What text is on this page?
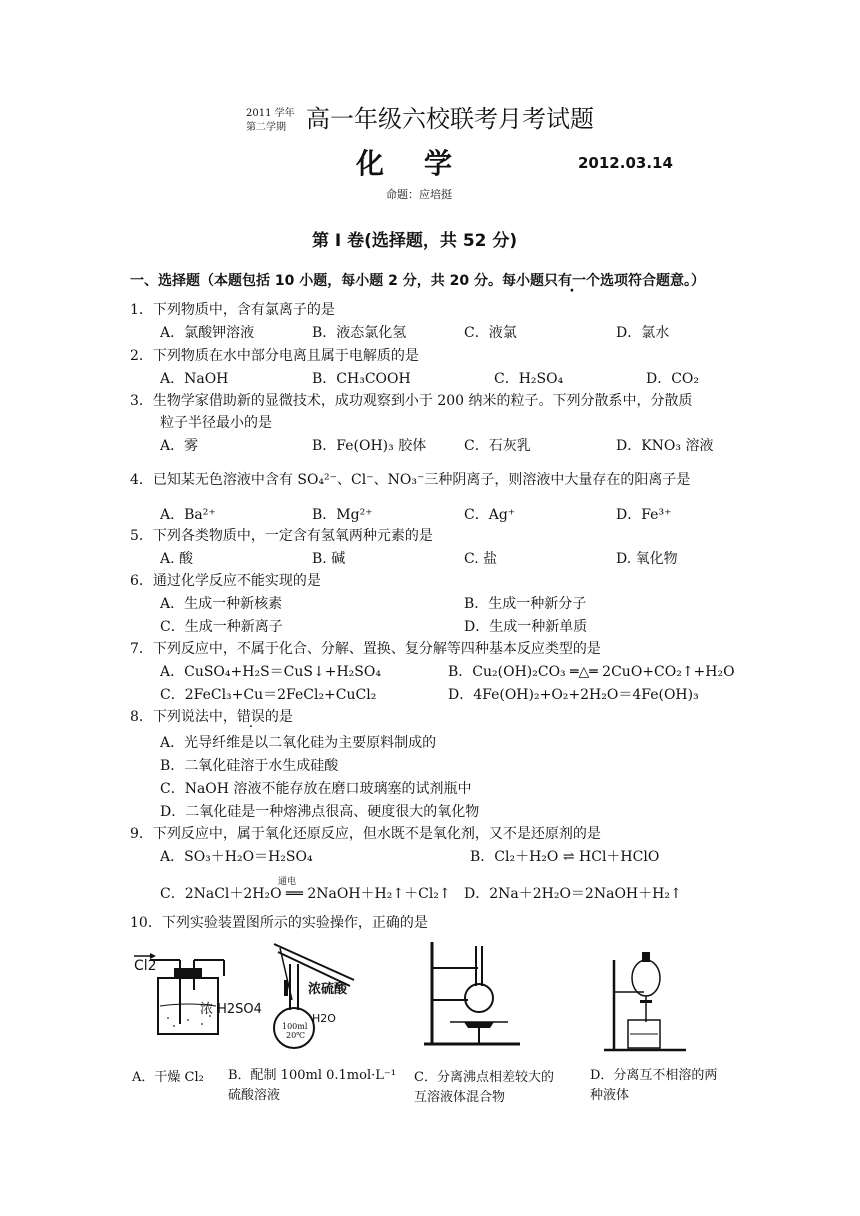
2011 学年
第二学期 高一年级六校联考月考试题
化学	2012.03.14
命题：应培挺
第 I 卷(选择题，共 52 分)
一、选择题（本题包括 10 小题，每小题 2 分，共 20 分。每小题只有一个选项符合题意。）
1．下列物质中，含有氯离子的是
A．氯酸钾溶液	B．液态氯化氢	C．液氯	D．氯水
2．下列物质在水中部分电离且属于电解质的是
A．NaOH	B．CH₃COOH	C．H₂SO₄	D．CO₂
3．生物学家借助新的显微技术，成功观察到小于 200 纳米的粒子。下列分散系中，分散质
粒子半径最小的是
A．雾	B．Fe(OH)₃ 胶体	C．石灰乳	D．KNO₃ 溶液
4．已知某无色溶液中含有 SO₄²⁻、Cl⁻、NO₃⁻三种阴离子，则溶液中大量存在的阳离子是
A．Ba²⁺	B．Mg²⁺	C．Ag⁺	D．Fe³⁺
5．下列各类物质中，一定含有氢氧两种元素的是
A. 酸	B. 碱	C. 盐	D. 氧化物
6．通过化学反应不能实现的是
A．生成一种新核素	B．生成一种新分子
C．生成一种新离子	D．生成一种新单质
7．下列反应中，不属于化合、分解、置换、复分解等四种基本反应类型的是
A．CuSO₄+H₂S＝CuS↓+H₂SO₄	B．Cu₂(OH)₂CO₃ ═△═ 2CuO+CO₂↑+H₂O
C．2FeCl₃+Cu＝2FeCl₂+CuCl₂	D．4Fe(OH)₂+O₂+2H₂O＝4Fe(OH)₃
8．下列说法中，错误的是
A．光导纤维是以二氧化硅为主要原料制成的
B．二氧化硅溶于水生成硅酸
C．NaOH 溶液不能存放在磨口玻璃塞的试剂瓶中
D．二氧化硅是一种熔沸点很高、硬度很大的氧化物
9．下列反应中，属于氧化还原反应，但水既不是氧化剂，又不是还原剂的是
A．SO₃＋H₂O＝H₂SO₄	B．Cl₂＋H₂O ⇌ HCl＋HClO
通电
C．2NaCl＋2H₂O ══ 2NaOH＋H₂↑＋Cl₂↑ D．2Na＋2H₂O＝2NaOH＋H₂↑
10．下列实验装置图所示的实验操作，正确的是
Cl2
浓 H2SO4
浓硫酸
H2O
100ml
20℃
A．干燥 Cl₂	B．配制 100ml 0.1mol·L⁻¹ 硫酸溶液
C．分离沸点相差较大的互溶液体混合物
D．分离互不相溶的两种液体
